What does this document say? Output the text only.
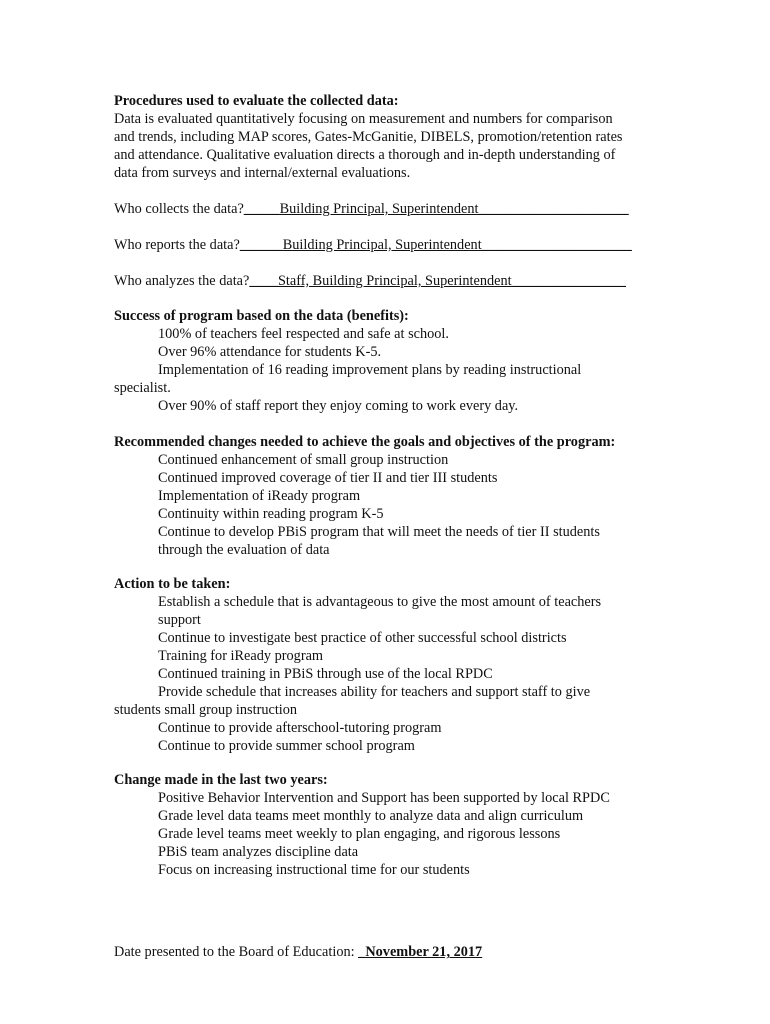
Procedures used to evaluate the collected data:
Data is evaluated quantitatively focusing on measurement and numbers for comparison
and trends, including MAP scores, Gates-McGanitie, DIBELS, promotion/retention rates
and attendance. Qualitative evaluation directs a thorough and in-depth understanding of
data from surveys and internal/external evaluations.
Who collects the data?_____Building Principal, Superintendent_____________________
Who reports the data?______Building Principal, Superintendent_____________________
Who analyzes the data?____Staff, Building Principal, Superintendent________________
Success of program based on the data (benefits):
100% of teachers feel respected and safe at school.
Over 96% attendance for students K-5.
Implementation of 16 reading improvement plans by reading instructional
specialist.
Over 90% of staff report they enjoy coming to work every day.
Recommended changes needed to achieve the goals and objectives of the program:
Continued enhancement of small group instruction
Continued improved coverage of tier II and tier III students
Implementation of iReady program
Continuity within reading program K-5
Continue to develop PBiS program that will meet the needs of tier II students
through the evaluation of data
Action to be taken:
Establish a schedule that is advantageous to give the most amount of teachers
support
Continue to investigate best practice of other successful school districts
Training for iReady program
Continued training in PBiS through use of the local RPDC
Provide schedule that increases ability for teachers and support staff to give
students small group instruction
Continue to provide afterschool-tutoring program
Continue to provide summer school program
Change made in the last two years:
Positive Behavior Intervention and Support has been supported by local RPDC
Grade level data teams meet monthly to analyze data and align curriculum
Grade level teams meet weekly to plan engaging, and rigorous lessons
PBiS team analyzes discipline data
Focus on increasing instructional time for our students
Date presented to the Board of Education: _November 21, 2017
